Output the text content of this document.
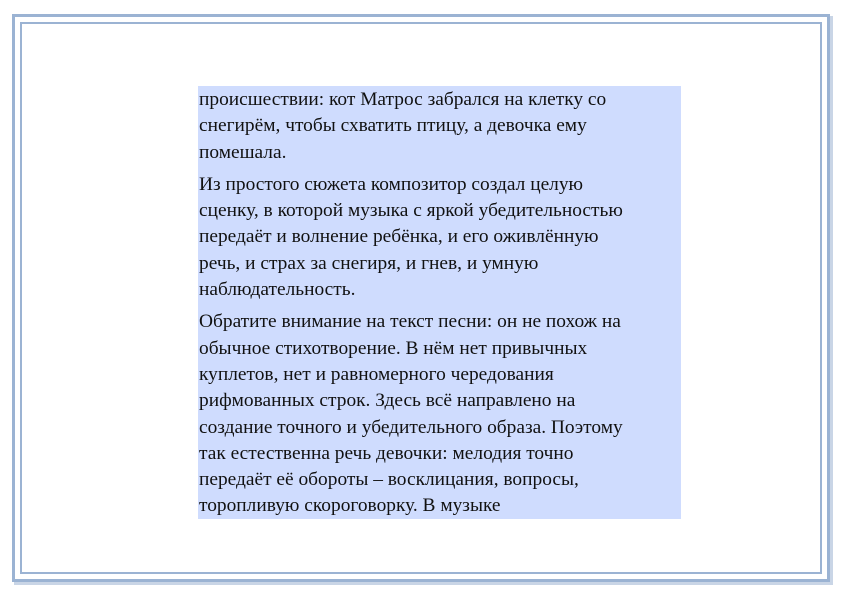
происшествии: кот Матрос забрался на клетку со
снегирём, чтобы схватить птицу, а девочка ему
помешала.

Из простого сюжета композитор создал целую
сценку, в которой музыка с яркой убедительностью
передаёт и волнение ребёнка, и его оживлённую
речь, и страх за снегиря, и гнев, и умную
наблюдательность.

Обратите внимание на текст песни: он не похож на
обычное стихотворение. В нём нет привычных
куплетов, нет и равномерного чередования
рифмованных строк. Здесь всё направлено на
создание точного и убедительного образа. Поэтому
так естественна речь девочки: мелодия точно
передаёт её обороты – восклицания, вопросы,
торопливую скороговорку. В музыке
